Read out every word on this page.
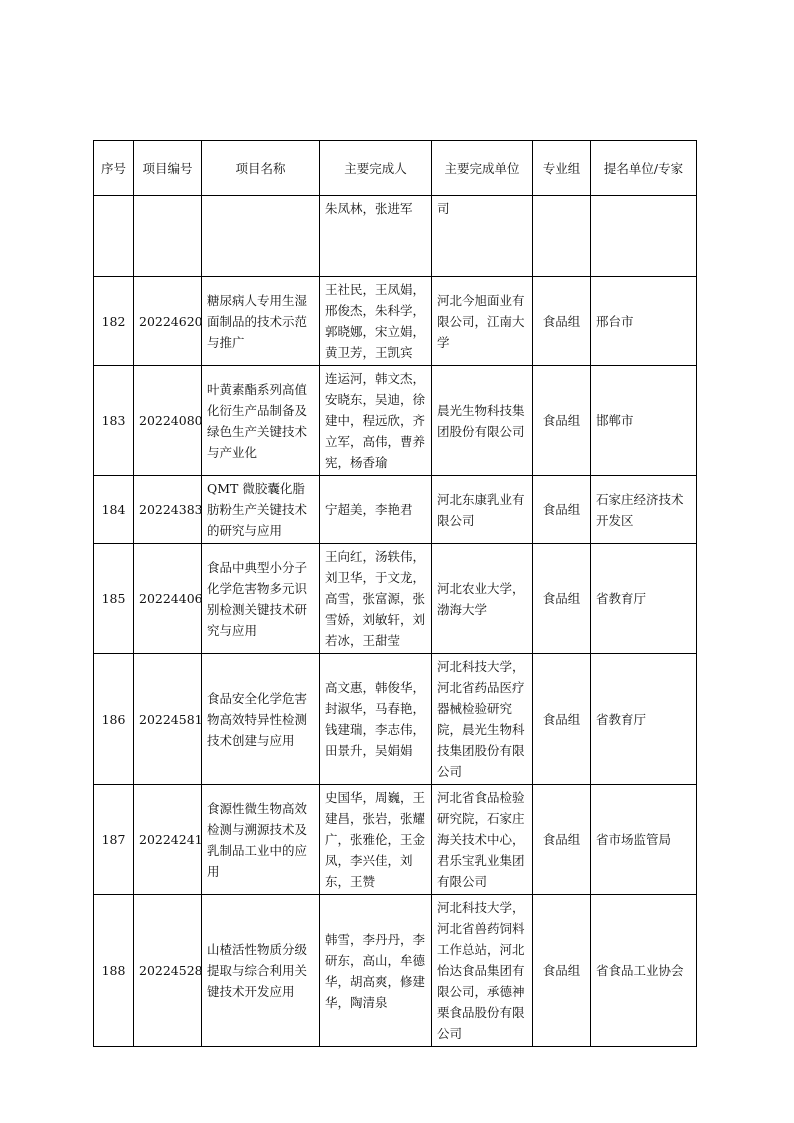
序号	项目编号	项目名称	主要完成人	主要完成单位	专业组	提名单位/专家
			朱凤林，张进军	司		
182	20224620	糖尿病人专用生湿面制品的技术示范与推广	王社民，王凤娟，邢俊杰，朱科学，郭晓娜，宋立娟，黄卫芳，王凯宾	河北今旭面业有限公司，江南大学	食品组	邢台市
183	20224080	叶黄素酯系列高值化衍生产品制备及绿色生产关键技术与产业化	连运河，韩文杰，安晓东，吴迪，徐建中，程远欣，齐立军，高伟，曹养宪，杨香瑜	晨光生物科技集团股份有限公司	食品组	邯郸市
184	20224383	QMT 微胶囊化脂肪粉生产关键技术的研究与应用	宁超美，李艳君	河北东康乳业有限公司	食品组	石家庄经济技术开发区
185	20224406	食品中典型小分子化学危害物多元识别检测关键技术研究与应用	王向红，汤轶伟，刘卫华，于文龙，高雪，张富源，张雪娇，刘敏轩，刘若冰，王甜莹	河北农业大学，渤海大学	食品组	省教育厅
186	20224581	食品安全化学危害物高效特异性检测技术创建与应用	高文惠，韩俊华，封淑华，马春艳，钱建瑞，李志伟，田景升，吴娟娟	河北科技大学，河北省药品医疗器械检验研究院，晨光生物科技集团股份有限公司	食品组	省教育厅
187	20224241	食源性微生物高效检测与溯源技术及乳制品工业中的应用	史国华，周巍，王建昌，张岩，张耀广，张雅伦，王金凤，李兴佳，刘东，王赞	河北省食品检验研究院，石家庄海关技术中心，君乐宝乳业集团有限公司	食品组	省市场监管局
188	20224528	山楂活性物质分级提取与综合利用关键技术开发应用	韩雪，李丹丹，李研东，高山，牟德华，胡高爽，修建华，陶清泉	河北科技大学，河北省兽药饲料工作总站，河北怡达食品集团有限公司，承德神栗食品股份有限公司	食品组	省食品工业协会
